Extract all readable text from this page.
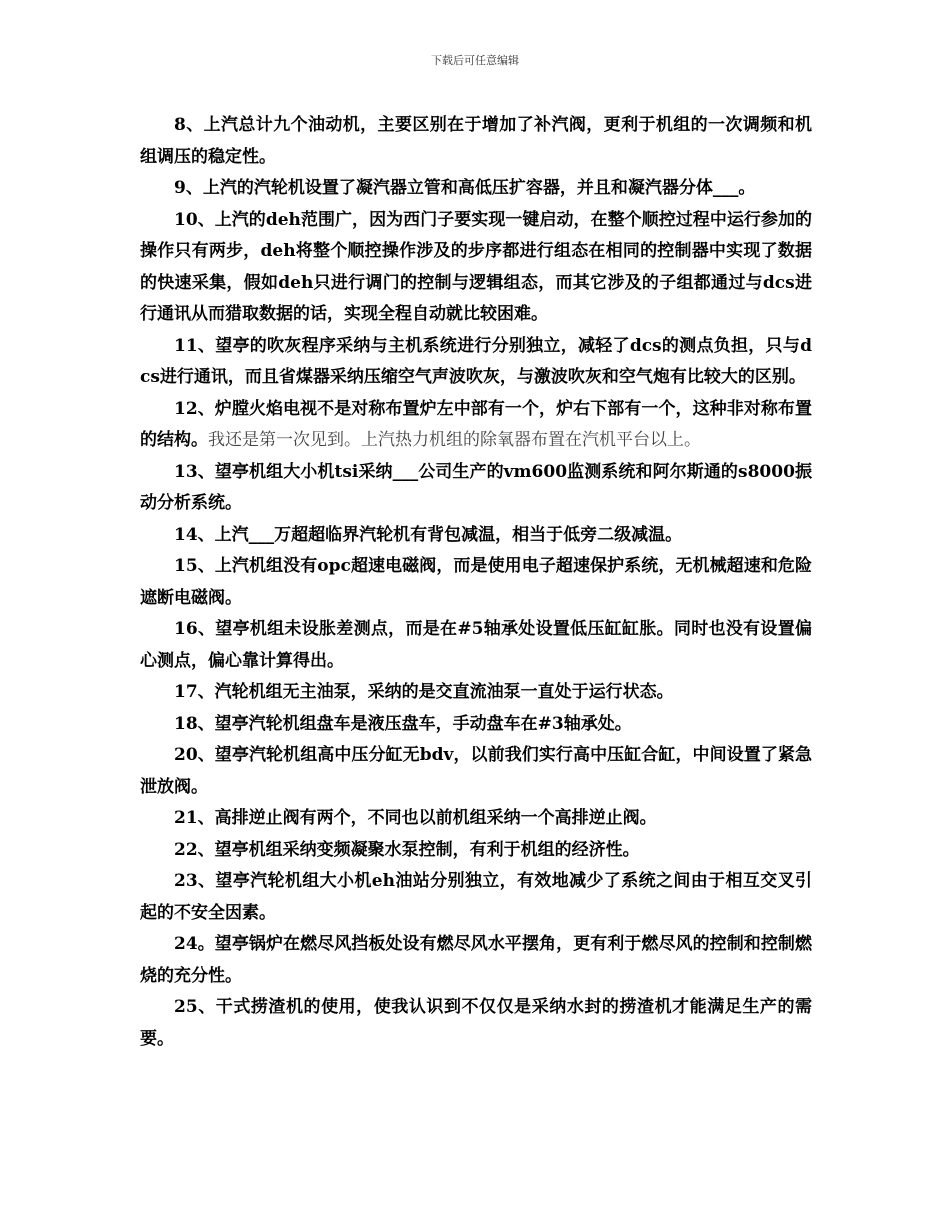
下载后可任意编辑

8、上汽总计九个油动机，主要区别在于增加了补汽阀，更利于机组的一次调频和机组调压的稳定性。

9、上汽的汽轮机设置了凝汽器立管和高低压扩容器，并且和凝汽器分体___。

10、上汽的deh范围广，因为西门子要实现一键启动，在整个顺控过程中运行参加的操作只有两步，deh将整个顺控操作涉及的步序都进行组态在相同的控制器中实现了数据的快速采集，假如deh只进行调门的控制与逻辑组态，而其它涉及的子组都通过与dcs进行通讯从而猎取数据的话，实现全程自动就比较困难。

11、望亭的吹灰程序采纳与主机系统进行分别独立，减轻了dcs的测点负担，只与dcs进行通讯，而且省煤器采纳压缩空气声波吹灰，与激波吹灰和空气炮有比较大的区别。

12、炉膛火焰电视不是对称布置炉左中部有一个，炉右下部有一个，这种非对称布置的结构。我还是第一次见到。上汽热力机组的除氧器布置在汽机平台以上。

13、望亭机组大小机tsi采纳___公司生产的vm600监测系统和阿尔斯通的s8000振动分析系统。

14、上汽___万超超临界汽轮机有背包减温，相当于低旁二级减温。

15、上汽机组没有opc超速电磁阀，而是使用电子超速保护系统，无机械超速和危险遮断电磁阀。

16、望亭机组未设胀差测点，而是在#5轴承处设置低压缸缸胀。同时也没有设置偏心测点，偏心靠计算得出。

17、汽轮机组无主油泵，采纳的是交直流油泵一直处于运行状态。

18、望亭汽轮机组盘车是液压盘车，手动盘车在#3轴承处。

20、望亭汽轮机组高中压分缸无bdv，以前我们实行高中压缸合缸，中间设置了紧急泄放阀。

21、高排逆止阀有两个，不同也以前机组采纳一个高排逆止阀。

22、望亭机组采纳变频凝聚水泵控制，有利于机组的经济性。

23、望亭汽轮机组大小机eh油站分别独立，有效地减少了系统之间由于相互交叉引起的不安全因素。

24。望亭锅炉在燃尽风挡板处设有燃尽风水平摆角，更有利于燃尽风的控制和控制燃烧的充分性。

25、干式捞渣机的使用，使我认识到不仅仅是采纳水封的捞渣机才能满足生产的需要。
